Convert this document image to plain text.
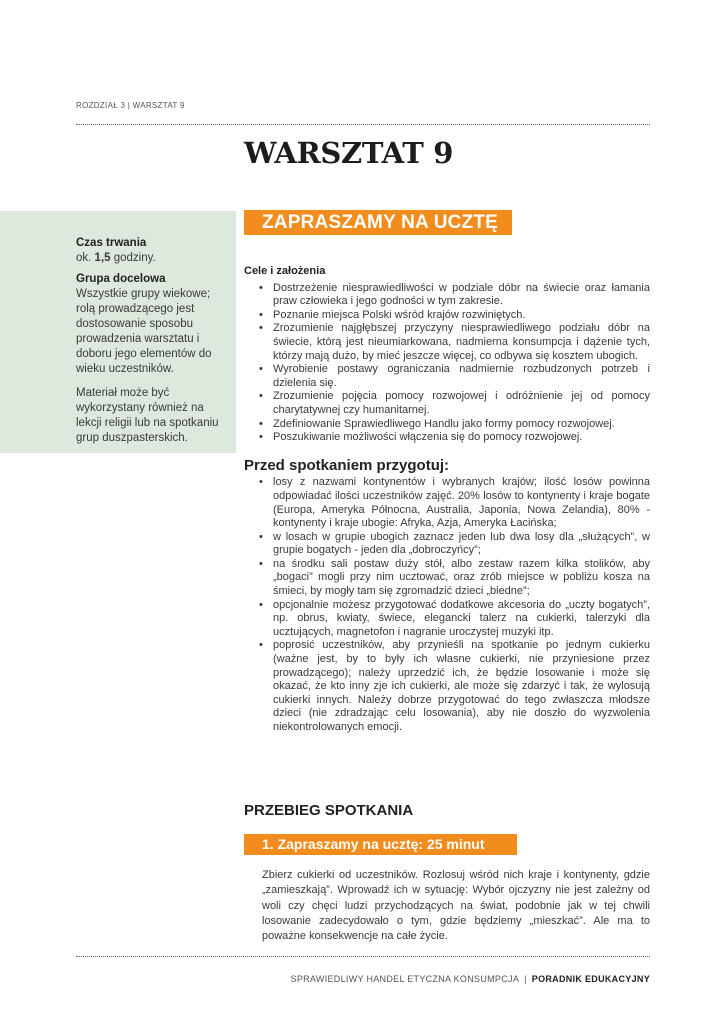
ROZDZIAŁ 3 | WARSZTAT 9
WARSZTAT 9

Czas trwania

ok. 1,5 godziny.

Grupa docelowa

Wszystkie grupy wiekowe; rolą prowadzącego jest dostosowanie sposobu prowadzenia warsztatu i doboru jego elementów do wieku uczestników.

Materiał może być wykorzystany również na lekcji religii lub na spotkaniu grup duszpasterskich.

ZAPRASZAMY NA UCZTĘ

Cele i założenia

• Dostrzeżenie niesprawiedliwości w podziale dóbr na świecie oraz łamania praw człowieka i jego godności w tym zakresie.
• Poznanie miejsca Polski wśród krajów rozwiniętych.
• Zrozumienie najgłębszej przyczyny niesprawiedliwego podziału dóbr na świecie, którą jest nieumiarkowana, nadmierna konsumpcja i dążenie tych, którzy mają dużo, by mieć jeszcze więcej, co odbywa się kosztem ubogich.
• Wyrobienie postawy ograniczania nadmiernie rozbudzonych potrzeb i dzielenia się.
• Zrozumienie pojęcia pomocy rozwojowej i odróżnienie jej od pomocy charytatywnej czy humanitarnej.
• Zdefiniowanie Sprawiedliwego Handlu jako formy pomocy rozwojowej.
• Poszukiwanie możliwości włączenia się do pomocy rozwojowej.

Przed spotkaniem przygotuj:

• losy z nazwami kontynentów i wybranych krajów; ilość losów powinna odpowiadać ilości uczestników zajęć. 20% losów to kontynenty i kraje bogate (Europa, Ameryka Północna, Australia, Japonia, Nowa Zelandia), 80% - kontynenty i kraje ubogie: Afryka, Azja, Ameryka Łacińska;
• w losach w grupie ubogich zaznacz jeden lub dwa losy dla „służących”, w grupie bogatych - jeden dla „dobroczyńcy”;
• na środku sali postaw duży stół, albo zestaw razem kilka stolików, aby „bogaci” mogli przy nim ucztować, oraz zrób miejsce w pobliżu kosza na śmieci, by mogły tam się zgromadzić dzieci „biedne”;
• opcjonalnie możesz przygotować dodatkowe akcesoria do „uczty bogatych”, np. obrus, kwiaty, świece, elegancki talerz na cukierki, talerzyki dla ucztujących, magnetofon i nagranie uroczystej muzyki itp.
• poprosić uczestników, aby przynieśli na spotkanie po jednym cukierku (ważne jest, by to były ich własne cukierki, nie przyniesione przez prowadzącego); należy uprzedzić ich, że będzie losowanie i może się okazać, że kto inny zje ich cukierki, ale może się zdarzyć i tak, że wylosują cukierki innych. Należy dobrze przygotować do tego zwłaszcza młodsze dzieci (nie zdradzając celu losowania), aby nie doszło do wyzwolenia niekontrolowanych emocji.
PRZEBIEG SPOTKANIA
1. Zapraszamy na ucztę: 25 minut

Zbierz cukierki od uczestników. Rozlosuj wśród nich kraje i kontynenty, gdzie „zamieszkają”. Wprowadź ich w sytuację: Wybór ojczyzny nie jest zależny od woli czy chęci ludzi przychodzących na świat, podobnie jak w tej chwili losowanie zadecydowało o tym, gdzie będziemy „mieszkać”. Ale ma to poważne konsekwencje na całe życie.

SPRAWIEDLIWY HANDEL ETYCZNA KONSUMPCJA | PORADNIK EDUKACYJNY
